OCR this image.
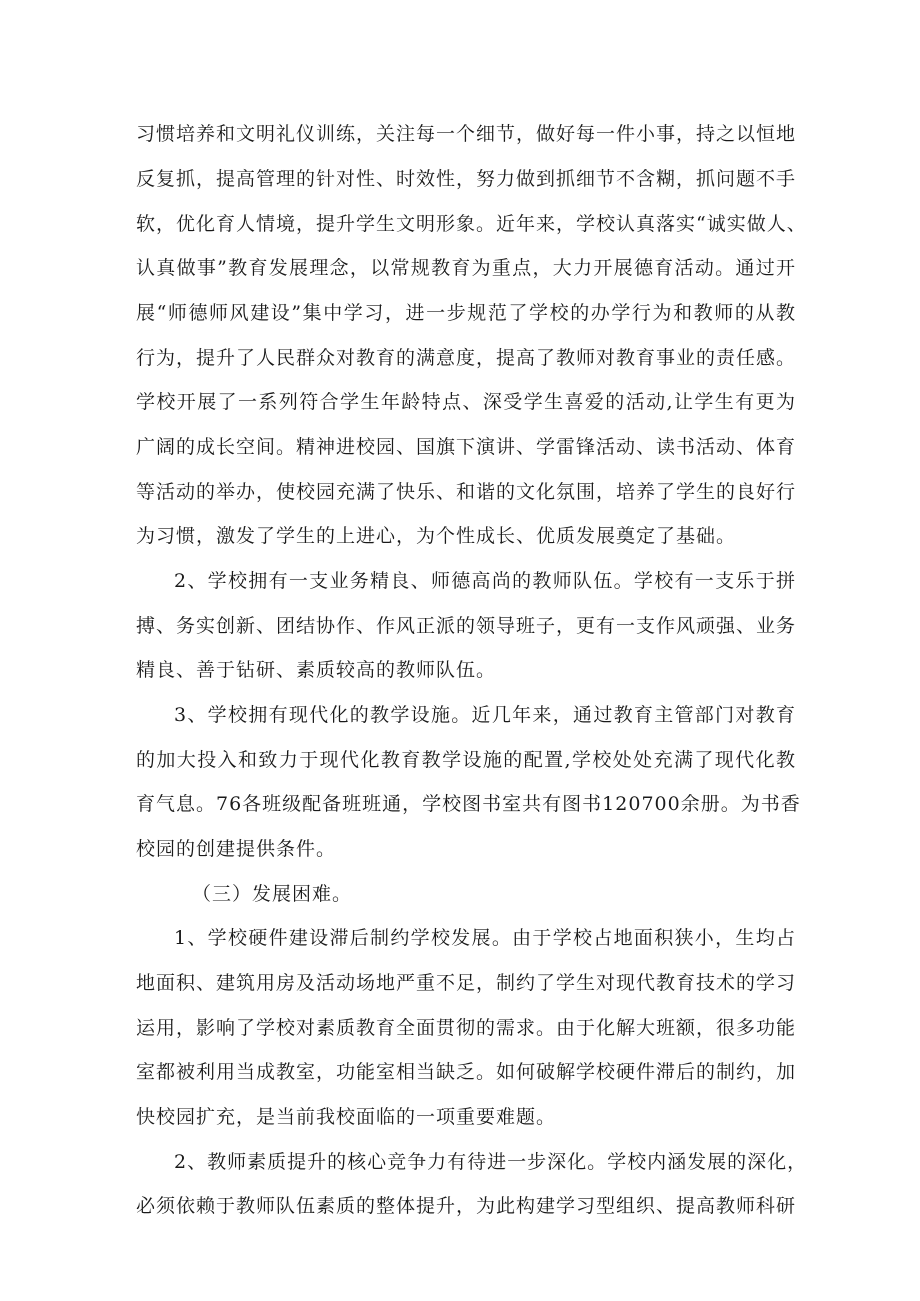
习惯培养和文明礼仪训练，关注每一个细节，做好每一件小事，持之以恒地
反复抓，提高管理的针对性、时效性，努力做到抓细节不含糊，抓问题不手
软，优化育人情境，提升学生文明形象。近年来，学校认真落实“诚实做人、
认真做事”教育发展理念，以常规教育为重点，大力开展德育活动。通过开
展“师德师风建设”集中学习，进一步规范了学校的办学行为和教师的从教
行为，提升了人民群众对教育的满意度，提高了教师对教育事业的责任感。
学校开展了一系列符合学生年龄特点、深受学生喜爱的活动,让学生有更为
广阔的成长空间。精神进校园、国旗下演讲、学雷锋活动、读书活动、体育
等活动的举办，使校园充满了快乐、和谐的文化氛围，培养了学生的良好行
为习惯，激发了学生的上进心，为个性成长、优质发展奠定了基础。
2、学校拥有一支业务精良、师德高尚的教师队伍。学校有一支乐于拼
搏、务实创新、团结协作、作风正派的领导班子，更有一支作风顽强、业务
精良、善于钻研、素质较高的教师队伍。
3、学校拥有现代化的教学设施。近几年来，通过教育主管部门对教育
的加大投入和致力于现代化教育教学设施的配置,学校处处充满了现代化教
育气息。76各班级配备班班通，学校图书室共有图书120700余册。为书香
校园的创建提供条件。
（三）发展困难。
1、学校硬件建设滞后制约学校发展。由于学校占地面积狭小，生均占
地面积、建筑用房及活动场地严重不足，制约了学生对现代教育技术的学习
运用，影响了学校对素质教育全面贯彻的需求。由于化解大班额，很多功能
室都被利用当成教室，功能室相当缺乏。如何破解学校硬件滞后的制约，加
快校园扩充，是当前我校面临的一项重要难题。
2、教师素质提升的核心竞争力有待进一步深化。学校内涵发展的深化，
必须依赖于教师队伍素质的整体提升，为此构建学习型组织、提高教师科研
